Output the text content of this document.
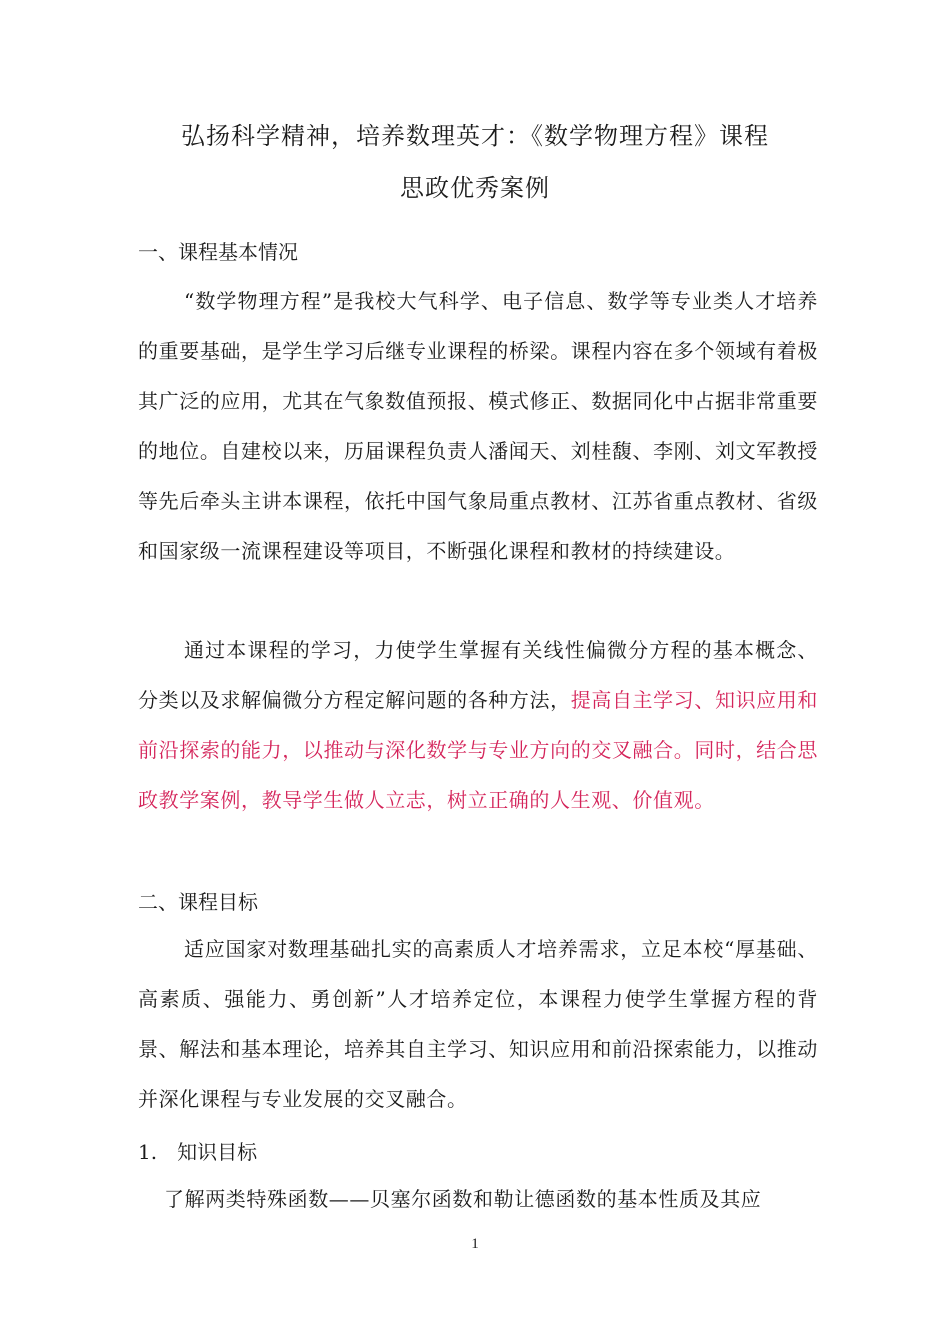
弘扬科学精神，培养数理英才：《数学物理方程》课程
思政优秀案例
一、课程基本情况

“数学物理方程”是我校大气科学、电子信息、数学等专业类人才培养的重要基础，是学生学习后继专业课程的桥梁。课程内容在多个领域有着极其广泛的应用，尤其在气象数值预报、模式修正、数据同化中占据非常重要的地位。自建校以来，历届课程负责人潘闻天、刘桂馥、李刚、刘文军教授等先后牵头主讲本课程，依托中国气象局重点教材、江苏省重点教材、省级和国家级一流课程建设等项目，不断强化课程和教材的持续建设。

通过本课程的学习，力使学生掌握有关线性偏微分方程的基本概念、分类以及求解偏微分方程定解问题的各种方法，提高自主学习、知识应用和前沿探索的能力，以推动与深化数学与专业方向的交叉融合。同时，结合思政教学案例，教导学生做人立志，树立正确的人生观、价值观。

二、课程目标

适应国家对数理基础扎实的高素质人才培养需求，立足本校“厚基础、高素质、强能力、勇创新”人才培养定位，本课程力使学生掌握方程的背景、解法和基本理论，培养其自主学习、知识应用和前沿探索能力，以推动并深化课程与专业发展的交叉融合。

1.　知识目标

了解两类特殊函数——贝塞尔函数和勒让德函数的基本性质及其应

1
